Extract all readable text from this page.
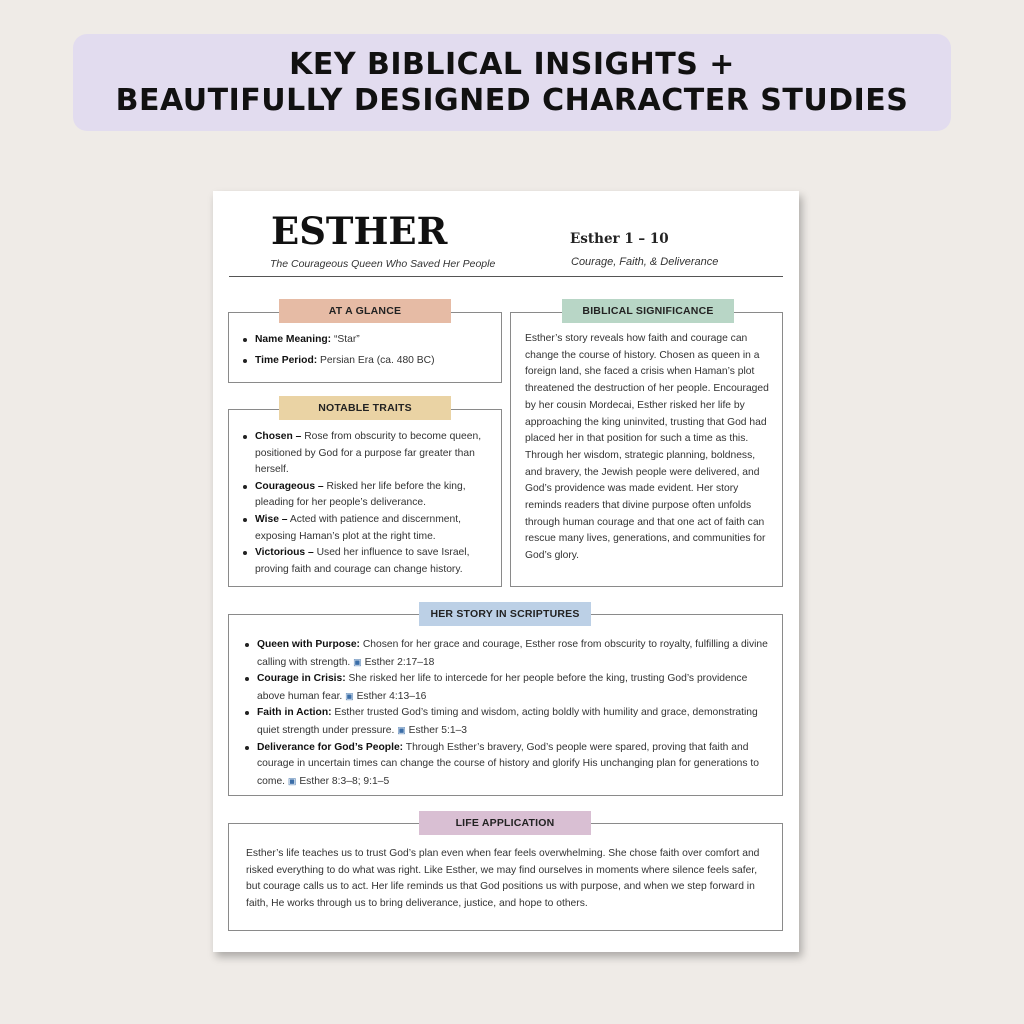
KEY BIBLICAL INSIGHTS +
BEAUTIFULLY DESIGNED CHARACTER STUDIES
ESTHER
The Courageous Queen Who Saved Her People
Esther 1 – 10
Courage, Faith, & Deliverance
Name Meaning: “Star”
Time Period: Persian Era (ca. 480 BC)
AT A GLANCE
Chosen – Rose from obscurity to become queen, positioned by God for a purpose far greater than herself.
Courageous – Risked her life before the king, pleading for her people’s deliverance.
Wise – Acted with patience and discernment, exposing Haman’s plot at the right time.
Victorious – Used her influence to save Israel, proving faith and courage can change history.
NOTABLE TRAITS
Esther’s story reveals how faith and courage can change the course of history. Chosen as queen in a foreign land, she faced a crisis when Haman’s plot threatened the destruction of her people. Encouraged by her cousin Mordecai, Esther risked her life by approaching the king uninvited, trusting that God had placed her in that position for such a time as this. Through her wisdom, strategic planning, boldness, and bravery, the Jewish people were delivered, and God’s providence was made evident. Her story reminds readers that divine purpose often unfolds through human courage and that one act of faith can rescue many lives, generations, and communities for God’s glory.
BIBLICAL SIGNIFICANCE
Queen with Purpose: Chosen for her grace and courage, Esther rose from obscurity to royalty, fulfilling a divine calling with strength. ▣ Esther 2:17–18
Courage in Crisis: She risked her life to intercede for her people before the king, trusting God’s providence above human fear. ▣ Esther 4:13–16
Faith in Action: Esther trusted God’s timing and wisdom, acting boldly with humility and grace, demonstrating quiet strength under pressure. ▣ Esther 5:1–3
Deliverance for God’s People: Through Esther’s bravery, God’s people were spared, proving that faith and courage in uncertain times can change the course of history and glorify His unchanging plan for generations to come. ▣ Esther 8:3–8; 9:1–5
HER STORY IN SCRIPTURES
Esther’s life teaches us to trust God’s plan even when fear feels overwhelming. She chose faith over comfort and risked everything to do what was right. Like Esther, we may find ourselves in moments where silence feels safer, but courage calls us to act. Her life reminds us that God positions us with purpose, and when we step forward in faith, He works through us to bring deliverance, justice, and hope to others.
LIFE APPLICATION
